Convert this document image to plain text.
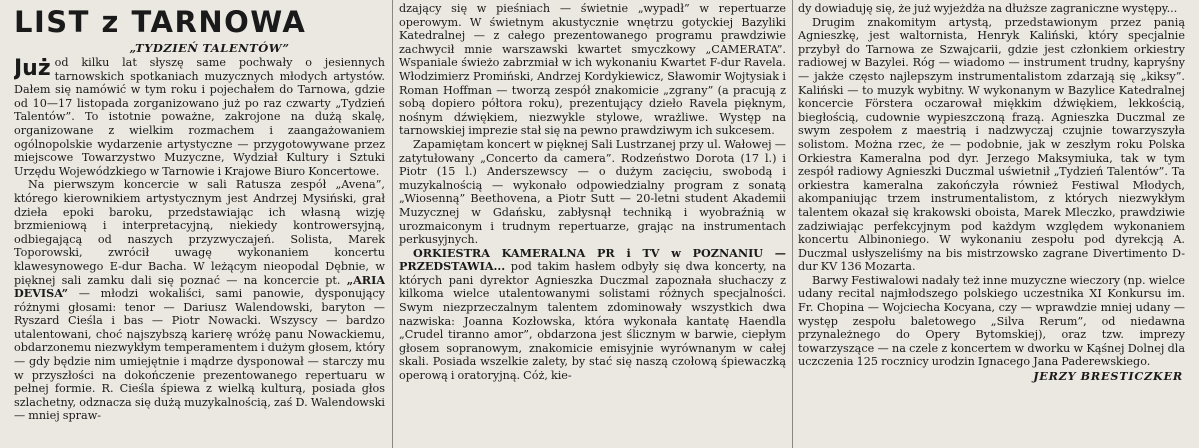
LIST z TARNOWA
„TYDZIEŃ TALENTÓW”

Już od kilku lat słyszę same pochwały o jesiennych tarnowskich spotkaniach muzycznych młodych artystów. Dałem się namówić w tym roku i pojechałem do Tarnowa, gdzie od 10—17 listopada zorganizowano już po raz czwarty „Tydzień Talentów”. To istotnie poważne, zakrojone na dużą skalę, organizowane z wielkim rozmachem i zaangażowaniem ogólnopolskie wydarzenie artystyczne — przygotowywane przez miejscowe Towarzystwo Muzyczne, Wydział Kultury i Sztuki Urzędu Wojewódzkiego w Tarnowie i Krajowe Biuro Koncertowe.

Na pierwszym koncercie w sali Ratusza zespół „Avena”, którego kierownikiem artystycznym jest Andrzej Mysiński, grał dzieła epoki baroku, przedstawiając ich własną wizję brzmieniową i interpretacyjną, niekiedy kontrowersyjną, odbiegającą od naszych przyzwyczajeń. Solista, Marek Toporowski, zwrócił uwagę wykonaniem koncertu klawesynowego E-dur Bacha. W leżącym nieopodal Dębnie, w pięknej sali zamku dali się poznać — na koncercie pt. „ARIA DEVISA” — młodzi wokaliści, sami panowie, dysponujący różnymi głosami: tenor — Dariusz Walendowski, baryton — Ryszard Cieśla i bas — Piotr Nowacki. Wszyscy — bardzo utalentowani, choć najszybszą karierę wróżę panu Nowackiemu, obdarzonemu niezwykłym temperamentem i dużym głosem, który — gdy będzie nim umiejętnie i mądrze dysponował — starczy mu w przyszłości na dokończenie prezentowanego repertuaru w pełnej formie. R. Cieśla śpiewa z wielką kulturą, posiada głos szlachetny, odznacza się dużą muzykalnością, zaś D. Walendowski — mniej spraw-

dzający się w pieśniach — świetnie „wypadł” w repertuarze operowym. W świetnym akustycznie wnętrzu gotyckiej Bazyliki Katedralnej — z całego prezentowanego programu prawdziwie zachwycił mnie warszawski kwartet smyczkowy „CAMERATA”. Wspaniale świeżo zabrzmiał w ich wykonaniu Kwartet F-dur Ravela. Włodzimierz Promiński, Andrzej Kordykiewicz, Sławomir Wojtysiak i Roman Hoffman — tworzą zespół znakomicie „zgrany” (a pracują z sobą dopiero półtora roku), prezentujący dzieło Ravela pięknym, nośnym dźwiękiem, niezwykle stylowe, wrażliwe. Występ na tarnowskiej imprezie stał się na pewno prawdziwym ich sukcesem.

Zapamiętam koncert w pięknej Sali Lustrzanej przy ul. Wałowej — zatytułowany „Concerto da camera”. Rodzeństwo Dorota (17 l.) i Piotr (15 l.) Anderszewscy — o dużym zacięciu, swobodą i muzykalnością — wykonało odpowiedzialny program z sonatą „Wiosenną” Beethovena, a Piotr Sutt — 20-letni student Akademii Muzycznej w Gdańsku, zabłysnął techniką i wyobraźnią w urozmaiconym i trudnym repertuarze, grając na instrumentach perkusyjnych.

ORKIESTRA KAMERALNA PR i TV w POZNANIU — PRZEDSTAWIA... pod takim hasłem odbyły się dwa koncerty, na których pani dyrektor Agnieszka Duczmal zapoznała słuchaczy z kilkoma wielce utalentowanymi solistami różnych specjalności. Swym niezprzeczalnym talentem zdominowały wszystkich dwa nazwiska: Joanna Kozłowska, która wykonała kantatę Haendla „Crudel tiranno amor”, obdarzona jest ślicznym w barwie, ciepłym głosem sopranowym, znakomicie emisyjnie wyrównanym w całej skali. Posiada wszelkie zalety, by stać się naszą czołową śpiewaczką operową i oratoryjną. Cóż, kie-

dy dowiaduję się, że już wyjeżdża na dłuższe zagraniczne występy...

Drugim znakomitym artystą, przedstawionym przez panią Agnieszkę, jest waltornista, Henryk Kaliński, który specjalnie przybył do Tarnowa ze Szwajcarii, gdzie jest członkiem orkiestry radiowej w Bazylei. Róg — wiadomo — instrument trudny, kapryśny — jakże często najlepszym instrumentalistom zdarzają się „kiksy”. Kaliński — to muzyk wybitny. W wykonanym w Bazylice Katedralnej koncercie Förstera oczarował miękkim dźwiękiem, lekkością, biegłością, cudownie wypieszczoną frazą. Agnieszka Duczmal ze swym zespołem z maestrią i nadzwyczaj czujnie towarzyszyła solistom. Można rzec, że — podobnie, jak w zeszłym roku Polska Orkiestra Kameralna pod dyr. Jerzego Maksymiuka, tak w tym zespół radiowy Agnieszki Duczmal uświetnił „Tydzień Talentów”. Ta orkiestra kameralna zakończyła również Festiwal Młodych, akompaniując trzem instrumentalistom, z których niezwykłym talentem okazał się krakowski oboista, Marek Mleczko, prawdziwie zadziwiając perfekcyjnym pod każdym względem wykonaniem koncertu Albinoniego. W wykonaniu zespołu pod dyrekcją A. Duczmal usłyszeliśmy na bis mistrzowsko zagrane Divertimento D-dur KV 136 Mozarta.

Barwy Festiwalowi nadały też inne muzyczne wieczory (np. wielce udany recital najmłodszego polskiego uczestnika XI Konkursu im. Fr. Chopina — Wojciecha Kocyana, czy — wprawdzie mniej udany — występ zespołu baletowego „Silva Rerum”, od niedawna przynależnego do Opery Bytomskiej), oraz tzw. imprezy towarzyszące — na czele z koncertem w dworku w Kąśnej Dolnej dla uczczenia 125 rocznicy urodzin Ignacego Jana Paderewskiego.

JERZY BRESTICZKER
